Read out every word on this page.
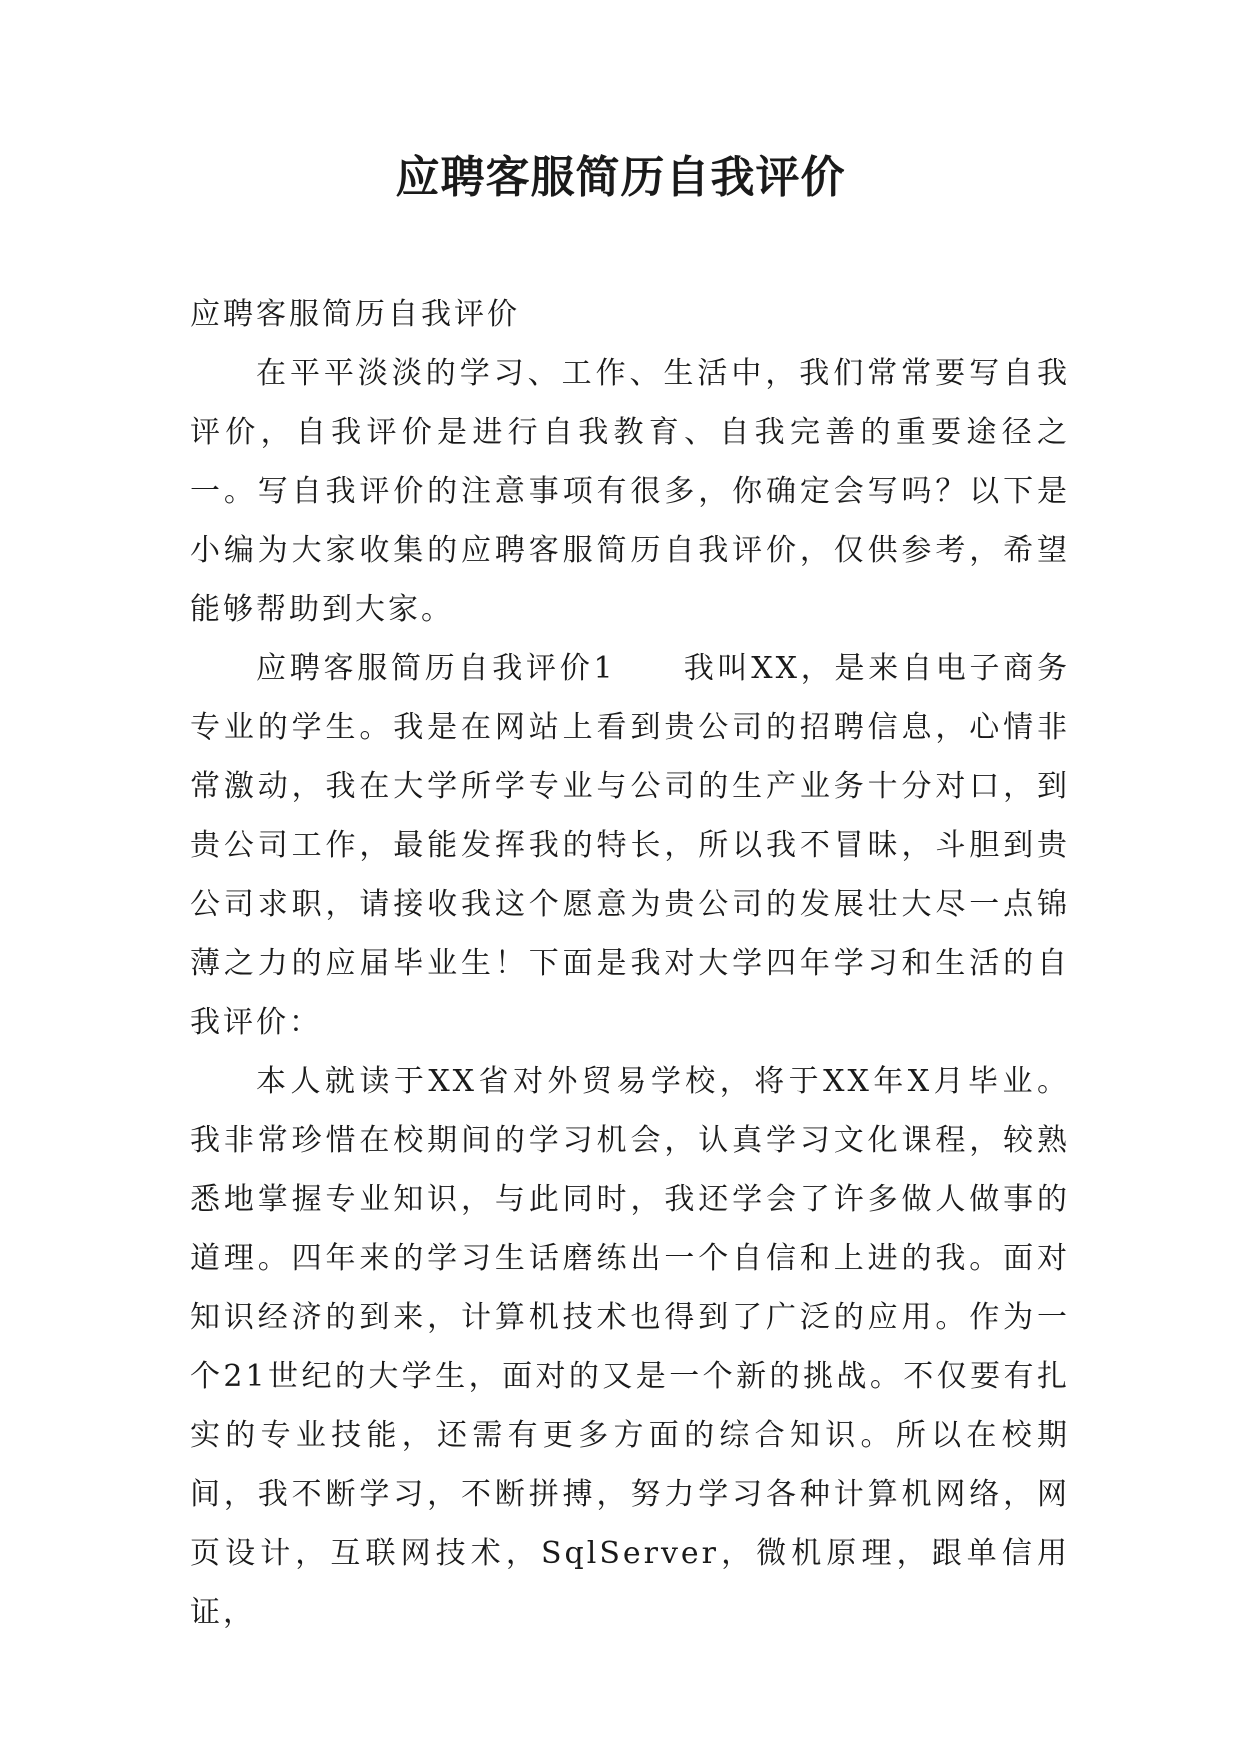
应聘客服简历自我评价

应聘客服简历自我评价

在平平淡淡的学习、工作、生活中，我们常常要写自我评价，自我评价是进行自我教育、自我完善的重要途径之一。写自我评价的注意事项有很多，你确定会写吗？以下是小编为大家收集的应聘客服简历自我评价，仅供参考，希望能够帮助到大家。

应聘客服简历自我评价1　　我叫XX，是来自电子商务专业的学生。我是在网站上看到贵公司的招聘信息，心情非常激动，我在大学所学专业与公司的生产业务十分对口，到贵公司工作，最能发挥我的特长，所以我不冒昧，斗胆到贵公司求职，请接收我这个愿意为贵公司的发展壮大尽一点锦薄之力的应届毕业生！下面是我对大学四年学习和生活的自我评价：

本人就读于XX省对外贸易学校，将于XX年X月毕业。我非常珍惜在校期间的学习机会，认真学习文化课程，较熟悉地掌握专业知识，与此同时，我还学会了许多做人做事的道理。四年来的学习生话磨练出一个自信和上进的我。面对知识经济的到来，计算机技术也得到了广泛的应用。作为一个21世纪的大学生，面对的又是一个新的挑战。不仅要有扎实的专业技能，还需有更多方面的综合知识。所以在校期间，我不断学习，不断拼搏，努力学习各种计算机网络，网页设计，互联网技术，SqlServer，微机原理，跟单信用证，
